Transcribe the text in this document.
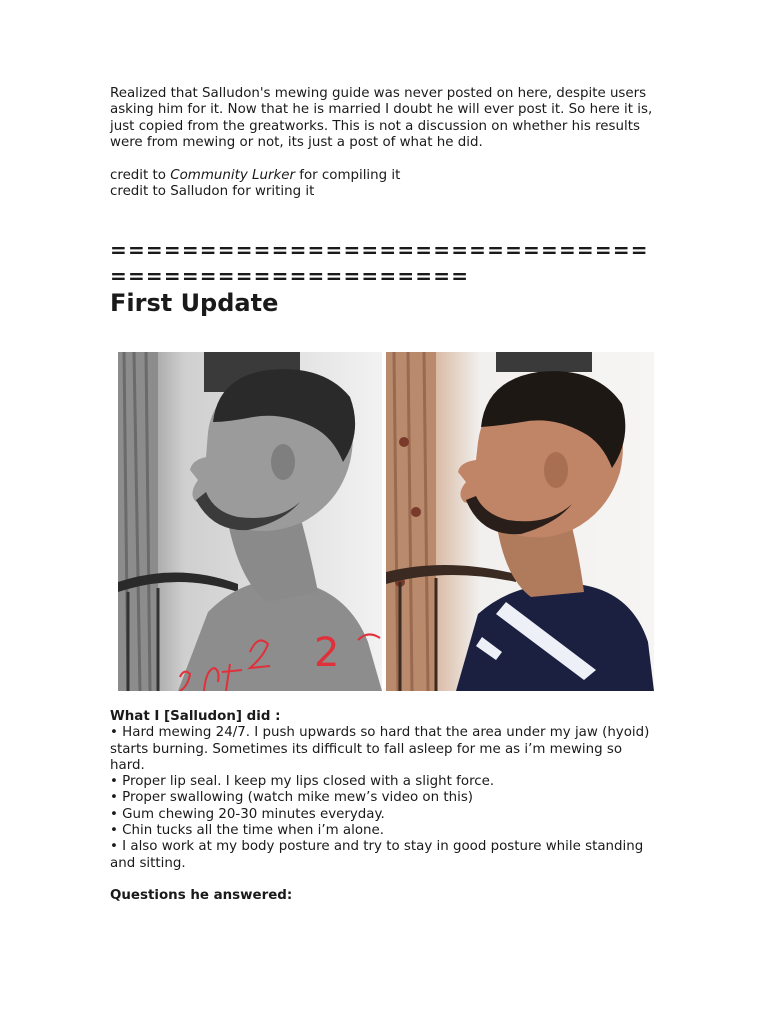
Realized that Salludon's mewing guide was never posted on here, despite users asking him for it. Now that he is married I doubt he will ever post it. So here it is, just copied from the greatworks. This is not a discussion on whether his results were from mewing or not, its just a post of what he did.

credit to Community Lurker for compiling it

credit to Salludon for writing it
==================================================
First Update
2
What I [Salludon] did :
• Hard mewing 24/7. I push upwards so hard that the area under my jaw (hyoid) starts burning. Sometimes its difficult to fall asleep for me as i’m mewing so hard.
• Proper lip seal. I keep my lips closed with a slight force.
• Proper swallowing (watch mike mew’s video on this)
• Gum chewing 20-30 minutes everyday.
• Chin tucks all the time when i’m alone.
• I also work at my body posture and try to stay in good posture while standing and sitting.
Questions he answered:
